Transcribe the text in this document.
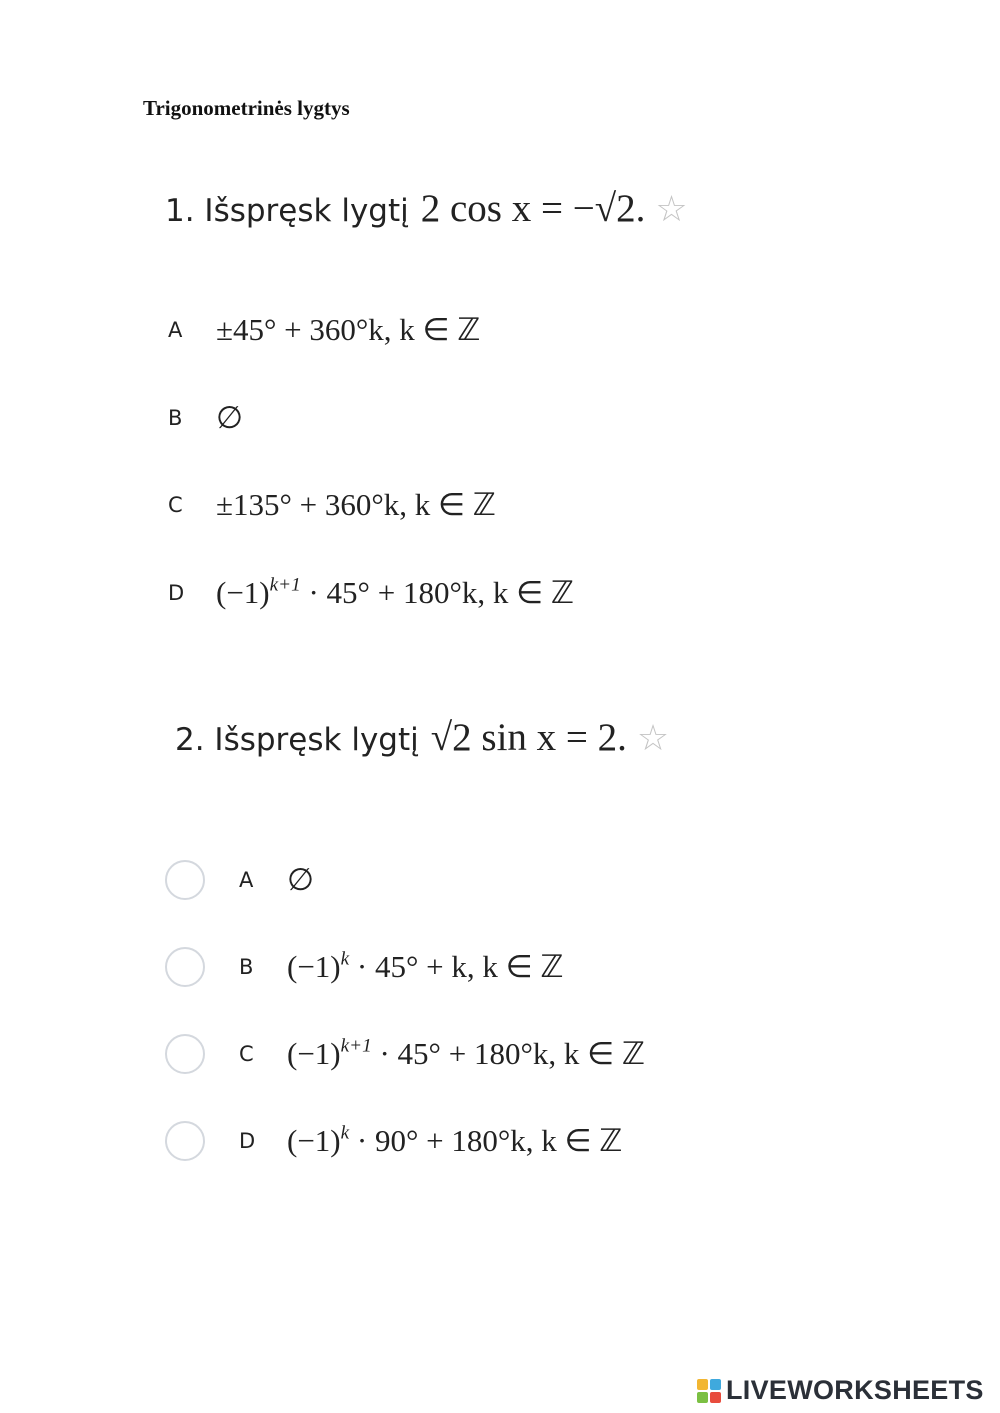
Trigonometrinės lygtys
1. Išspręsk lygtį 2 cos x = −√2. ☆
A	±45° + 360°k, k ∈ ℤ
B	∅
C	±135° + 360°k, k ∈ ℤ
D	$(-1)^{k+1} \cdot 45^\circ + 180^\circ k$, k ∈ ℤ
2. Išspręsk lygtį √2 sin x = 2. ☆
A	∅
B	$(-1)^k \cdot 45^\circ + k$, k ∈ ℤ
C	$(-1)^{k+1} \cdot 45^\circ + 180^\circ k$, k ∈ ℤ
D	$(-1)^k \cdot 90^\circ + 180^\circ k$, k ∈ ℤ
LIVEWORKSHEETS
